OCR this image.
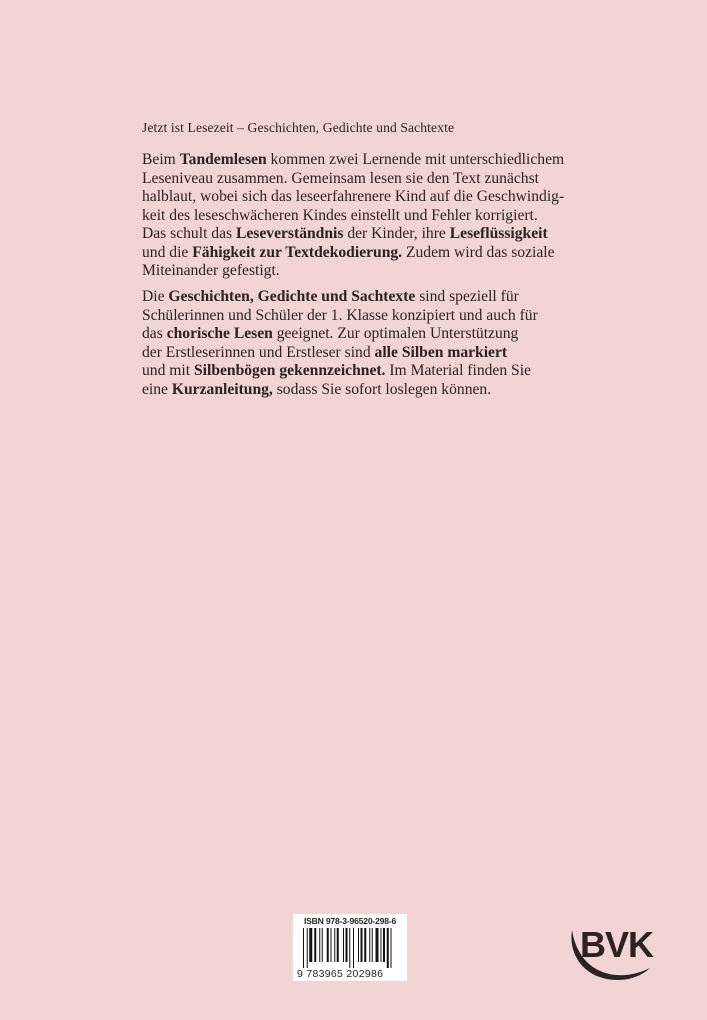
Jetzt ist Lesezeit – Geschichten, Gedichte und Sachtexte
Beim Tandemlesen kommen zwei Lernende mit unterschiedlichem
Leseniveau zusammen. Gemeinsam lesen sie den Text zunächst
halblaut, wobei sich das leseerfahrenere Kind auf die Geschwindig-
keit des leseschwächeren Kindes einstellt und Fehler korrigiert.
Das schult das Leseverständnis der Kinder, ihre Leseflüssigkeit
und die Fähigkeit zur Textdekodierung. Zudem wird das soziale
Miteinander gefestigt.
Die Geschichten, Gedichte und Sachtexte sind speziell für
Schülerinnen und Schüler der 1. Klasse konzipiert und auch für
das chorische Lesen geeignet. Zur optimalen Unterstützung
der Erstleserinnen und Erstleser sind alle Silben markiert
und mit Silbenbögen gekennzeichnet. Im Material finden Sie
eine Kurzanleitung, sodass Sie sofort loslegen können.
ISBN 978-3-96520-298-6
9 783965 202986
BVK
